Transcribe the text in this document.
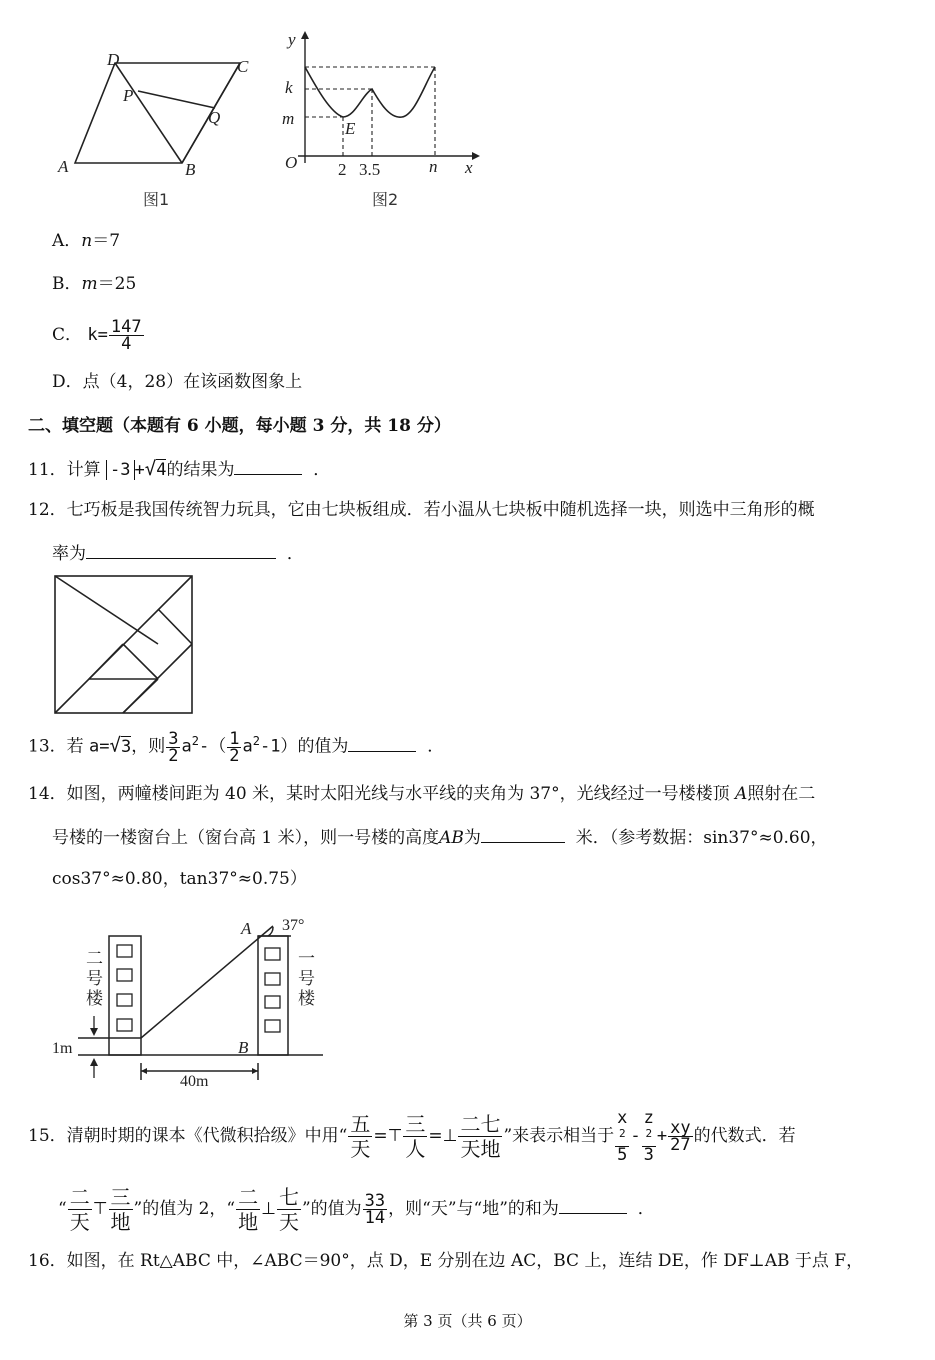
D	C
P
Q
A	B
图1
y
k
m
E
O 2 3.5	n x
图2
A．n＝7
B．m＝25
C． $k= \frac{147}{4}$
D．点（4，28）在该函数图象上
二、填空题（本题有 6 小题，每小题 3 分，共 18 分）
11．计算 -3 +√4的结果为	．
12．七巧板是我国传统智力玩具，它由七块板组成．若小温从七块板中随机选择一块，则选中三角形的概
率为	．
13．若 a=√3，则 $\frac{3}{2} a^2-( \frac{1}{2} a^2-1)$的值为	．
14．如图，两幢楼间距为 40 米，某时太阳光线与水平线的夹角为 37°，光线经过一号楼楼顶 A照射在二
号楼的一楼窗台上（窗台高 1 米），则一号楼的高度AB为	米．（参考数据：sin37°≈0.60，
cos37°≈0.80，tan37°≈0.75）
二 号楼
一 号楼
A
B
37°
1m
40m
15．清朝时期的课本《代微积拾级》中用“ $\frac{\text{五}}{\text{天}}$ =⊤ $\frac{\text{三}}{\text{人}}$ =⊥ $\frac{\text{二七}}{\text{天地}}$ ”来表示相当于 x
$^2$
5 - z
$^2$
$3 + \frac{xy}{27}$ 的代数式．若
“ $\frac{\text{二}}{\text{天}}$ ⊤ $\frac{\text{三}}{\text{地}}$ ”的值为 2，“ $\frac{\text{二}}{\text{地}}$ ⊥ $\frac{\text{七}}{\text{天}}$ ”的值为 $\frac{33}{14}$ ，则“天”与“地”的和为	．
16．如图，在 Rt△ABC 中，∠ABC＝90°，点 D，E 分别在边 AC，BC 上，连结 DE，作 DF⊥AB 于点 F，
第 3 页（共 6 页）
